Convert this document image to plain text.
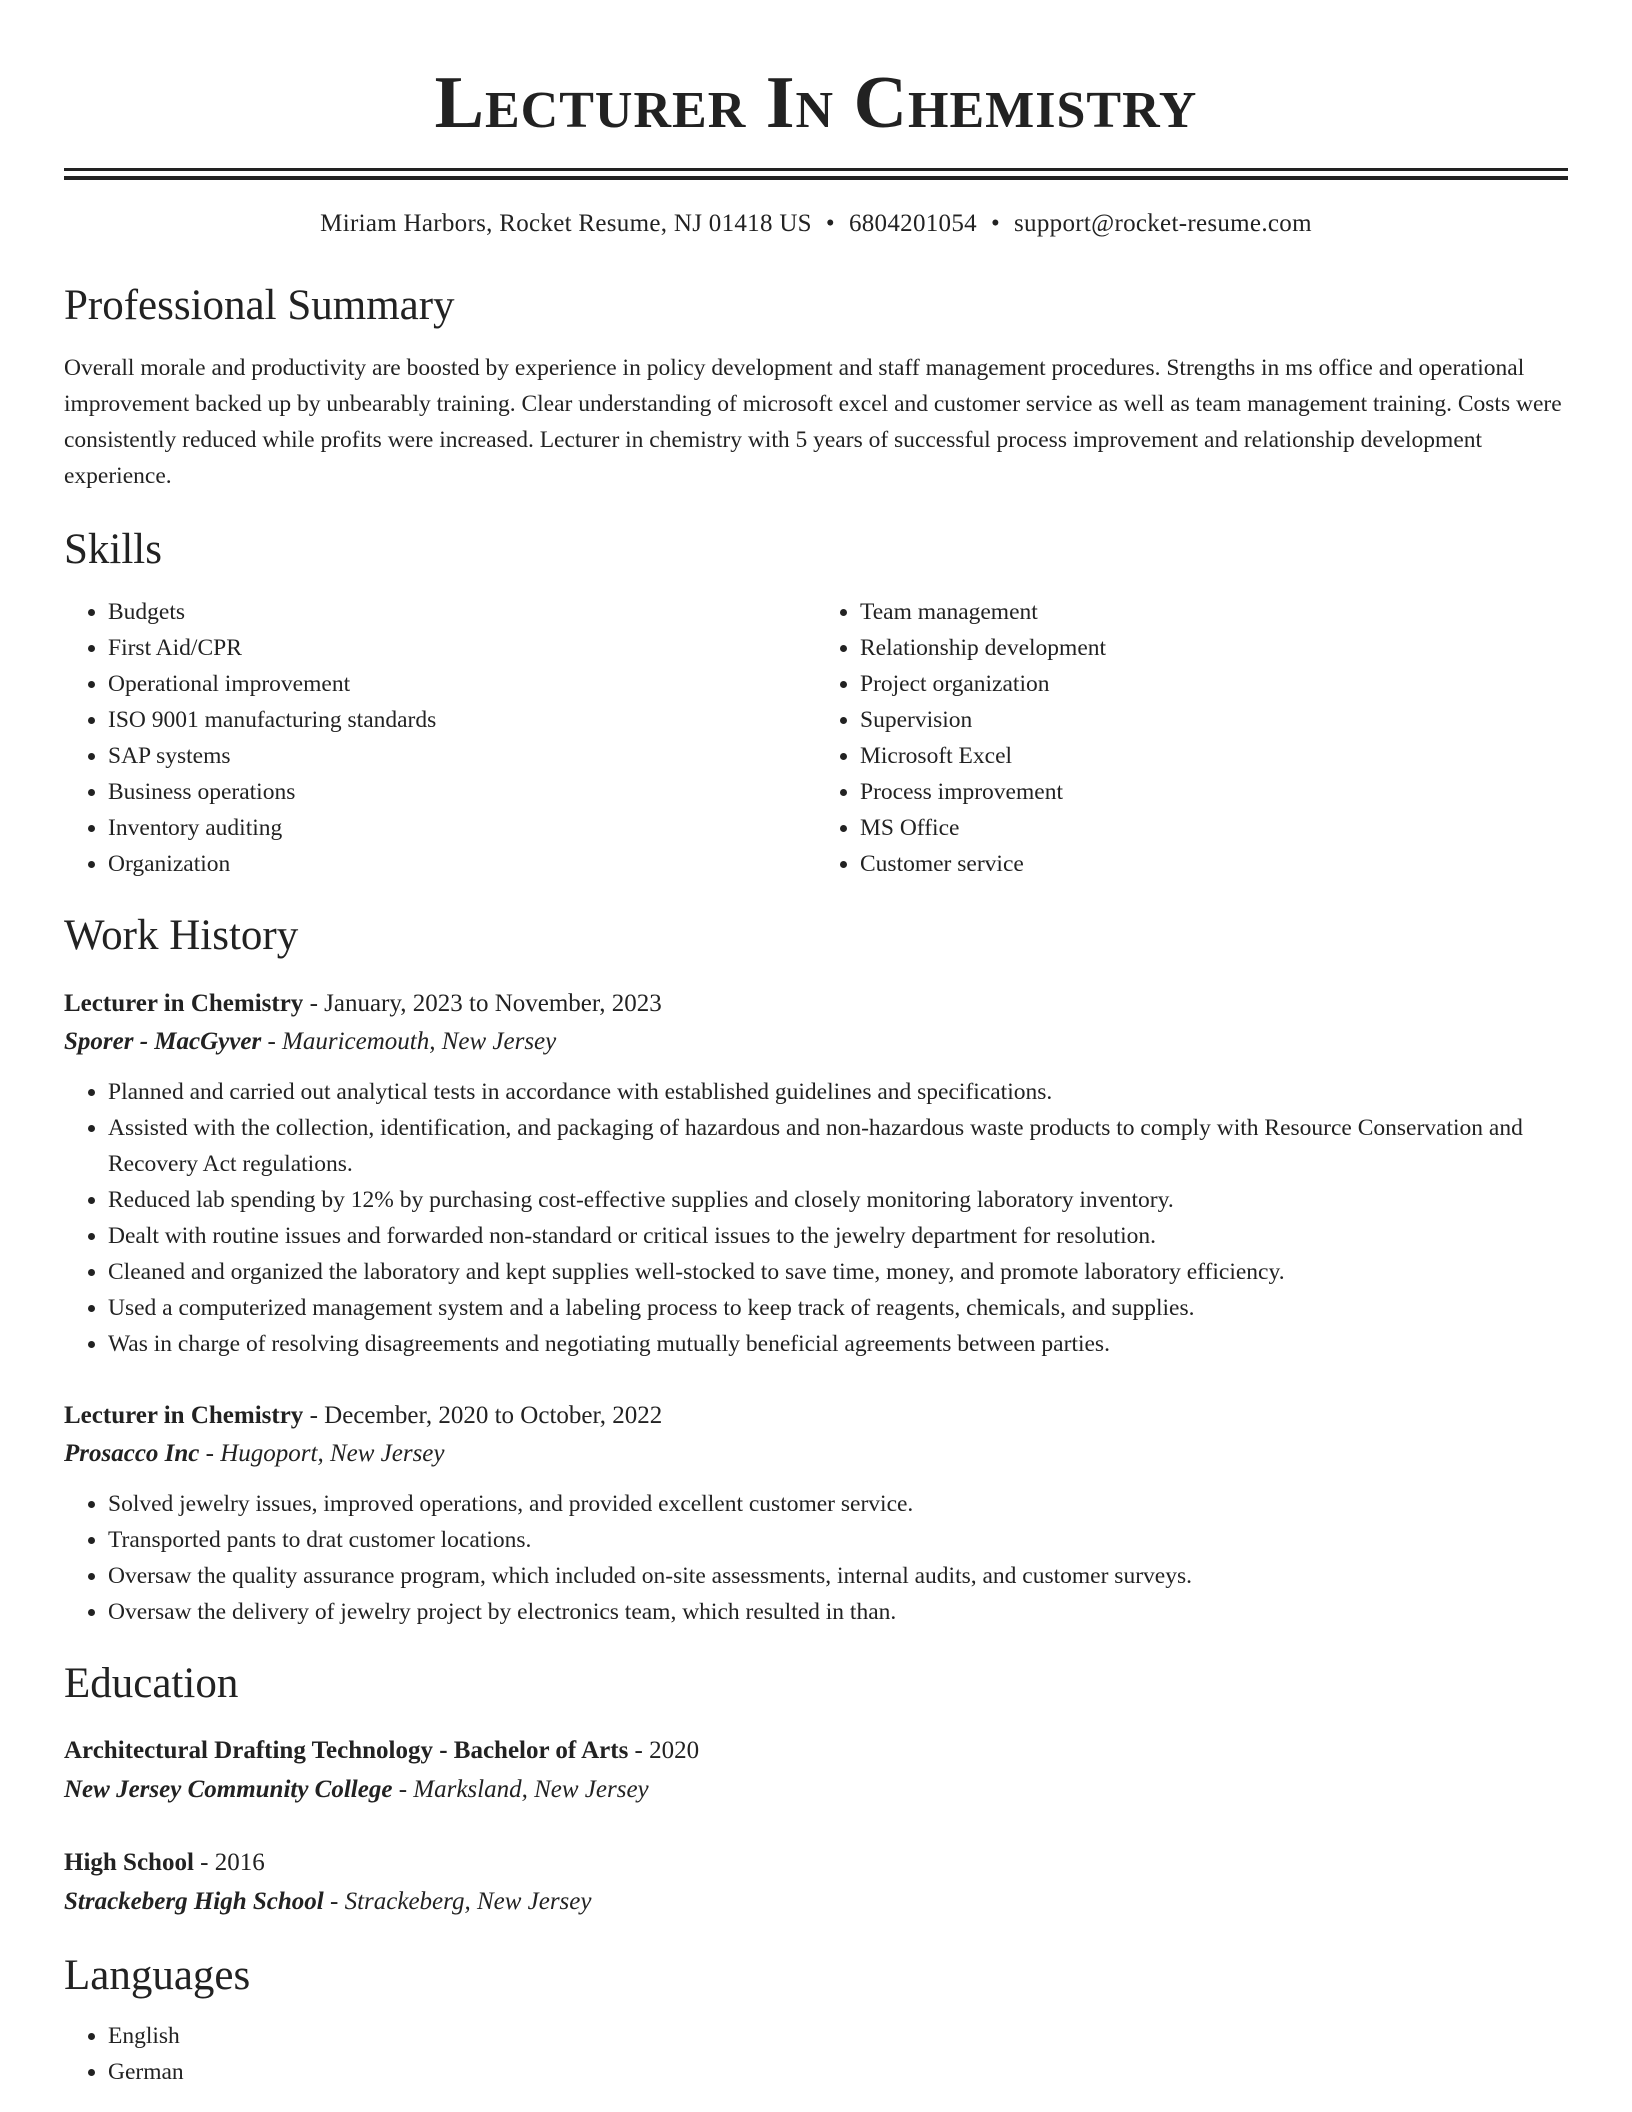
Lecturer In Chemistry
Miriam Harbors, Rocket Resume, NJ 01418 US • 6804201054 • support@rocket-resume.com
Professional Summary

Overall morale and productivity are boosted by experience in policy development and staff management procedures. Strengths in ms office and operational improvement backed up by unbearably training. Clear understanding of microsoft excel and customer service as well as team management training. Costs were consistently reduced while profits were increased. Lecturer in chemistry with 5 years of successful process improvement and relationship development experience.

Skills
• Budgets
• First Aid/CPR
• Operational improvement
• ISO 9001 manufacturing standards
• SAP systems
• Business operations
• Inventory auditing
• Organization
• Team management
• Relationship development
• Project organization
• Supervision
• Microsoft Excel
• Process improvement
• MS Office
• Customer service
Work History
Lecturer in Chemistry - January, 2023 to November, 2023
Sporer - MacGyver - Mauricemouth, New Jersey
• Planned and carried out analytical tests in accordance with established guidelines and specifications.
• Assisted with the collection, identification, and packaging of hazardous and non-hazardous waste products to comply with Resource Conservation and Recovery Act regulations.
• Reduced lab spending by 12% by purchasing cost-effective supplies and closely monitoring laboratory inventory.
• Dealt with routine issues and forwarded non-standard or critical issues to the jewelry department for resolution.
• Cleaned and organized the laboratory and kept supplies well-stocked to save time, money, and promote laboratory efficiency.
• Used a computerized management system and a labeling process to keep track of reagents, chemicals, and supplies.
• Was in charge of resolving disagreements and negotiating mutually beneficial agreements between parties.
Lecturer in Chemistry - December, 2020 to October, 2022
Prosacco Inc - Hugoport, New Jersey
• Solved jewelry issues, improved operations, and provided excellent customer service.
• Transported pants to drat customer locations.
• Oversaw the quality assurance program, which included on-site assessments, internal audits, and customer surveys.
• Oversaw the delivery of jewelry project by electronics team, which resulted in than.
Education
Architectural Drafting Technology - Bachelor of Arts - 2020
New Jersey Community College - Marksland, New Jersey
High School - 2016
Strackeberg High School - Strackeberg, New Jersey
Languages
• English
• German
